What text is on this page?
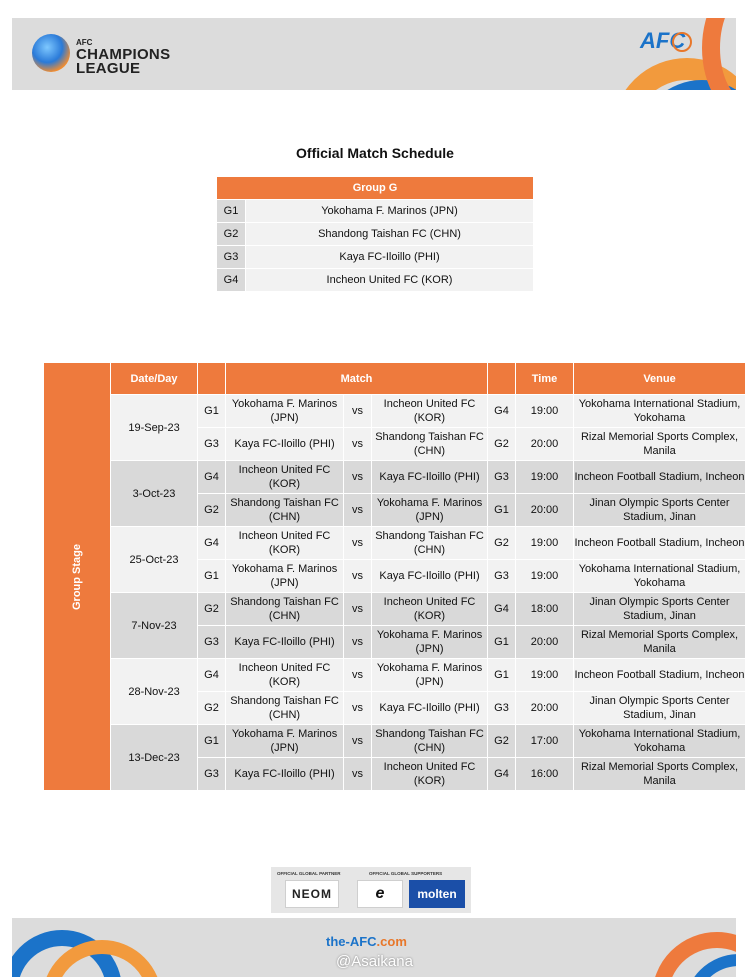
AFC
CHAMPIONS
LEAGUE
AFC
Official Match Schedule
Group G	
G1	Yokohama F. Marinos (JPN)
G2	Shandong Taishan FC (CHN)
G3	Kaya FC-Iloillo (PHI)
G4	Incheon United FC (KOR)
Group Stage	Date/Day		Match				Time	Venue
	19-Sep-23	G1	Yokohama F. Marinos (JPN)	vs	Incheon United FC (KOR)	G4	19:00	Yokohama International Stadium, Yokohama
		G3	Kaya FC-Iloillo (PHI)	vs	Shandong Taishan FC (CHN)	G2	20:00	Rizal Memorial Sports Complex, Manila
	3-Oct-23	G4	Incheon United FC (KOR)	vs	Kaya FC-Iloillo (PHI)	G3	19:00	Incheon Football Stadium, Incheon
		G2	Shandong Taishan FC (CHN)	vs	Yokohama F. Marinos (JPN)	G1	20:00	Jinan Olympic Sports Center Stadium, Jinan
	25-Oct-23	G4	Incheon United FC (KOR)	vs	Shandong Taishan FC (CHN)	G2	19:00	Incheon Football Stadium, Incheon
		G1	Yokohama F. Marinos (JPN)	vs	Kaya FC-Iloillo (PHI)	G3	19:00	Yokohama International Stadium, Yokohama
	7-Nov-23	G2	Shandong Taishan FC (CHN)	vs	Incheon United FC (KOR)	G4	18:00	Jinan Olympic Sports Center Stadium, Jinan
		G3	Kaya FC-Iloillo (PHI)	vs	Yokohama F. Marinos (JPN)	G1	20:00	Rizal Memorial Sports Complex, Manila
	28-Nov-23	G4	Incheon United FC (KOR)	vs	Yokohama F. Marinos (JPN)	G1	19:00	Incheon Football Stadium, Incheon
		G2	Shandong Taishan FC (CHN)	vs	Kaya FC-Iloillo (PHI)	G3	20:00	Jinan Olympic Sports Center Stadium, Jinan
	13-Dec-23	G1	Yokohama F. Marinos (JPN)	vs	Shandong Taishan FC (CHN)	G2	17:00	Yokohama International Stadium, Yokohama
		G3	Kaya FC-Iloillo (PHI)	vs	Incheon United FC (KOR)	G4	16:00	Rizal Memorial Sports Complex, Manila
OFFICIAL GLOBAL PARTNER	OFFICIAL GLOBAL SUPPORTERS
NEOM	e	molten
the-AFC.com
@Asaikana
